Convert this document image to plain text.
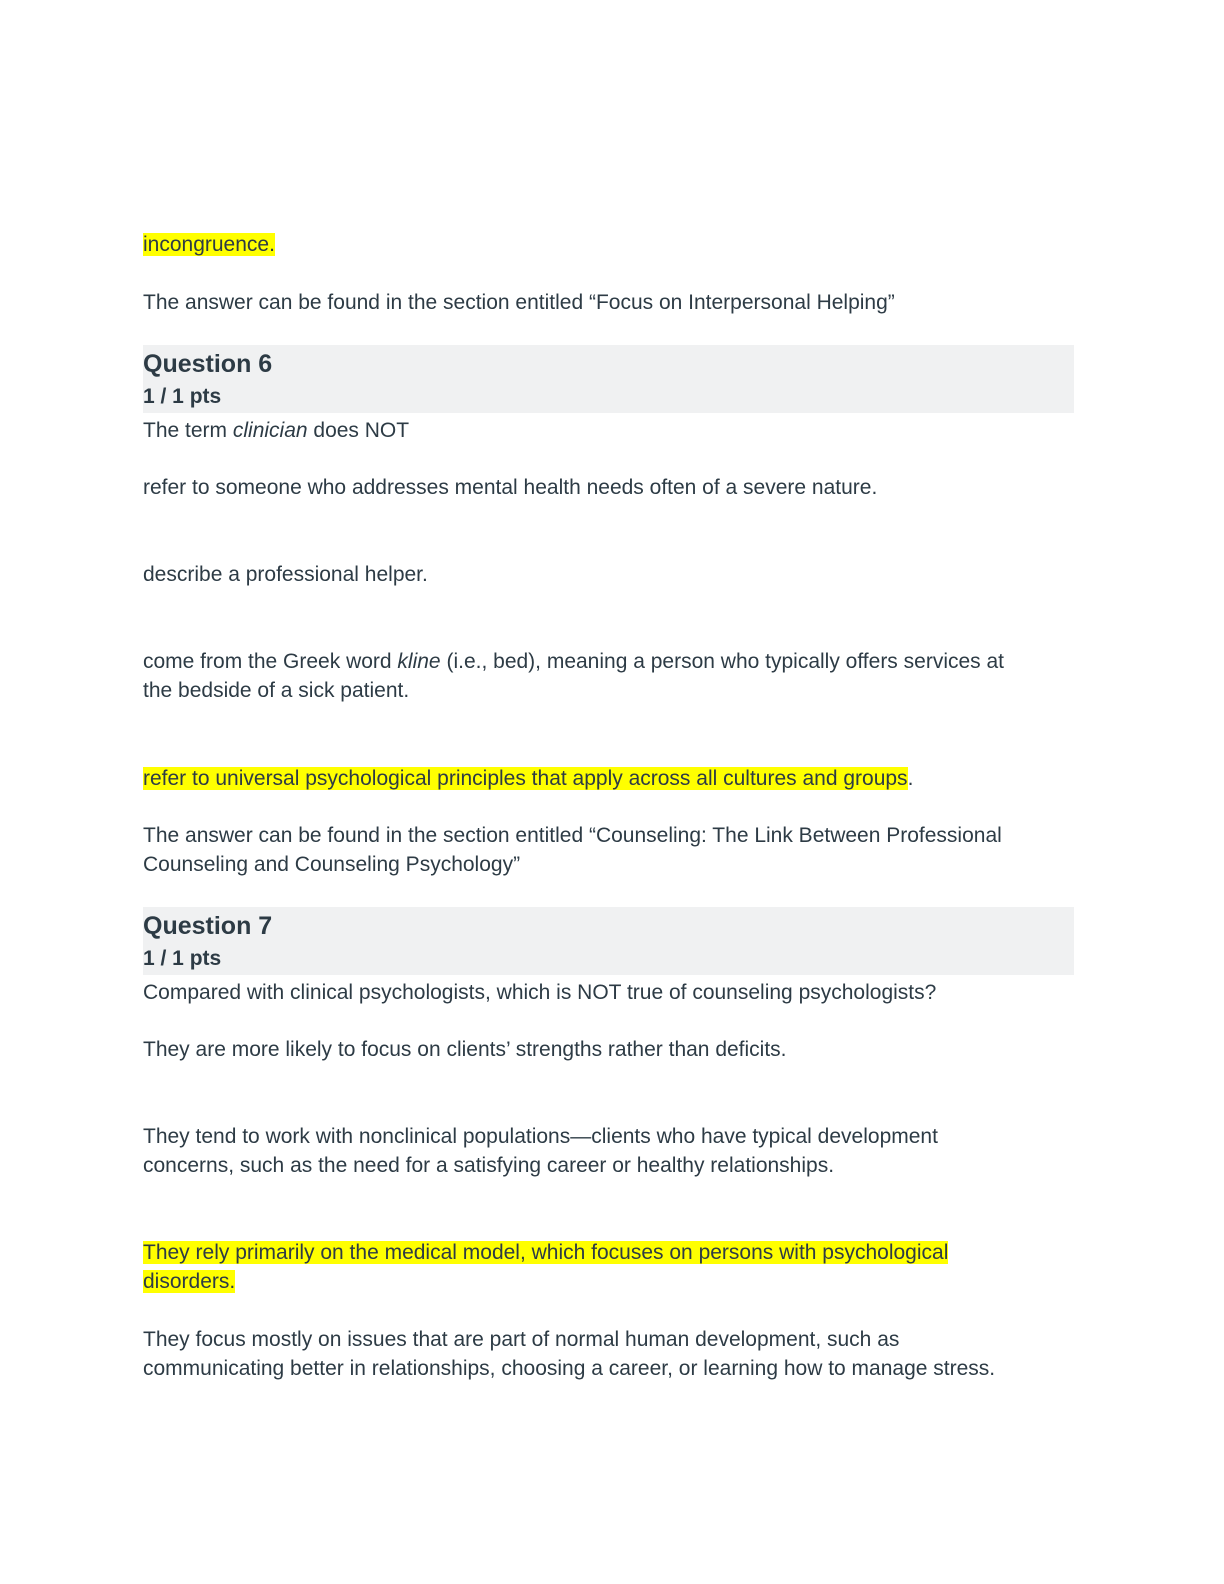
incongruence.

The answer can be found in the section entitled “Focus on Interpersonal Helping”

Question 6
1 / 1 pts

The term clinician does NOT

refer to someone who addresses mental health needs often of a severe nature.

describe a professional helper.

come from the Greek word kline (i.e., bed), meaning a person who typically offers services at

the bedside of a sick patient.

refer to universal psychological principles that apply across all cultures and groups.

The answer can be found in the section entitled “Counseling: The Link Between Professional

Counseling and Counseling Psychology”

Question 7
1 / 1 pts

Compared with clinical psychologists, which is NOT true of counseling psychologists?

They are more likely to focus on clients’ strengths rather than deficits.

They tend to work with nonclinical populations—clients who have typical development

concerns, such as the need for a satisfying career or healthy relationships.

They rely primarily on the medical model, which focuses on persons with psychological

disorders.

They focus mostly on issues that are part of normal human development, such as

communicating better in relationships, choosing a career, or learning how to manage stress.
